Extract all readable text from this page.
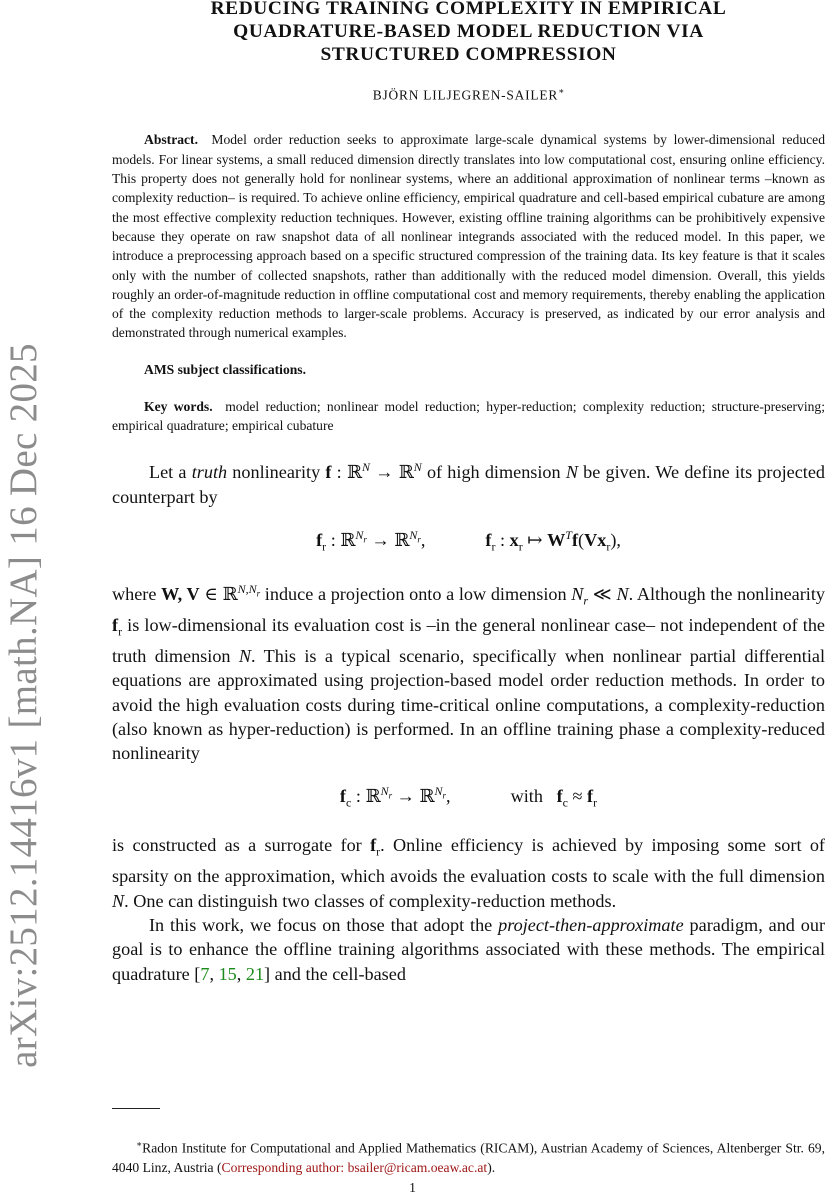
arXiv:2512.14416v1 [math.NA] 16 Dec 2025
REDUCING TRAINING COMPLEXITY IN EMPIRICAL
QUADRATURE-BASED MODEL REDUCTION VIA
STRUCTURED COMPRESSION
BJÖRN LILJEGREN-SAILER∗
Abstract. Model order reduction seeks to approximate large-scale dynamical systems by lower-dimensional reduced models. For linear systems, a small reduced dimension directly translates into low computational cost, ensuring online efficiency. This property does not generally hold for nonlinear systems, where an additional approximation of nonlinear terms –known as complexity reduction– is required. To achieve online efficiency, empirical quadrature and cell-based empirical cubature are among the most effective complexity reduction techniques. However, existing offline training algorithms can be prohibitively expensive because they operate on raw snapshot data of all nonlinear integrands associated with the reduced model. In this paper, we introduce a preprocessing approach based on a specific structured compression of the training data. Its key feature is that it scales only with the number of collected snapshots, rather than additionally with the reduced model dimension. Overall, this yields roughly an order-of-magnitude reduction in offline computational cost and memory requirements, thereby enabling the application of the complexity reduction methods to larger-scale problems. Accuracy is preserved, as indicated by our error analysis and demonstrated through numerical examples.
AMS subject classifications.
Key words. model reduction; nonlinear model reduction; hyper-reduction; complexity reduction; structure-preserving; empirical quadrature; empirical cubature

Let a truth nonlinearity f : ℝ$^N$ → ℝ$^N$ of high dimension N be given. We define its projected counterpart by

$f_r$ : ℝ$^{N_r}$ → ℝ$^{N_r}$,	$f_r$ : $x_r$ ↦ $W^Tf(Vx_r)$,

where W, V ∈ ℝ$^{N,N_r}$ induce a projection onto a low dimension $N_r$ ≪ N. Although the nonlinearity $f_r$ is low-dimensional its evaluation cost is –in the general nonlinear case– not independent of the truth dimension N. This is a typical scenario, specifically when nonlinear partial differential equations are approximated using projection-based model order reduction methods. In order to avoid the high evaluation costs during time-critical online computations, a complexity-reduction (also known as hyper-reduction) is performed. In an offline training phase a complexity-reduced nonlinearity

$f_c$ : ℝ$^{N_r}$ → ℝ$^{N_r}$,	with $f_c \approx f_r$

is constructed as a surrogate for $f_r$. Online efficiency is achieved by imposing some sort of sparsity on the approximation, which avoids the evaluation costs to scale with the full dimension N. One can distinguish two classes of complexity-reduction methods.

In this work, we focus on those that adopt the project-then-approximate paradigm, and our goal is to enhance the offline training algorithms associated with these methods. The empirical quadrature [7, 15, 21] and the cell-based

∗Radon Institute for Computational and Applied Mathematics (RICAM), Austrian Academy of Sciences, Altenberger Str. 69, 4040 Linz, Austria (Corresponding author: bsailer@ricam.oeaw.ac.at).
1
